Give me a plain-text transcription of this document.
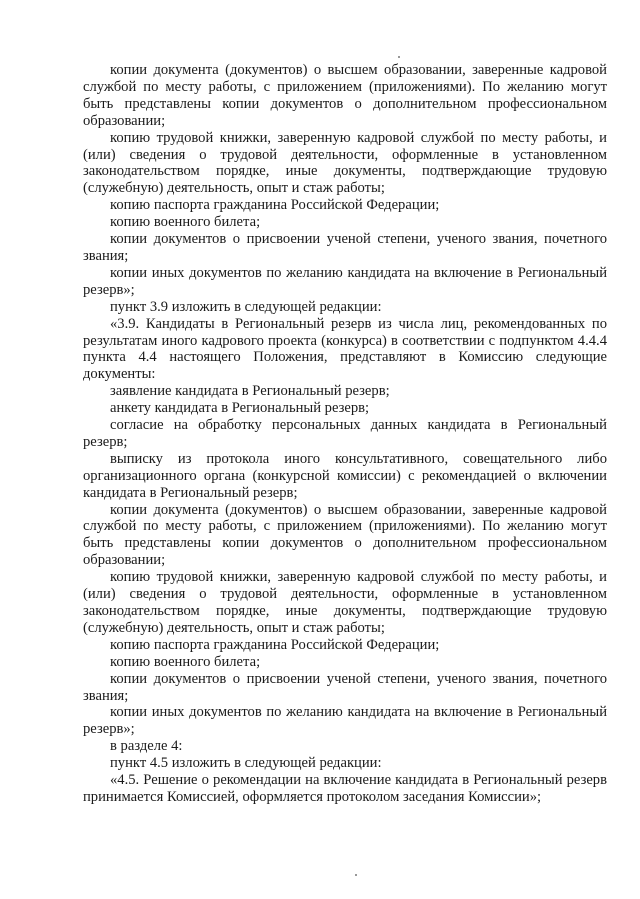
копии документа (документов) о высшем образовании, заверенные кадровой службой по месту работы, с приложением (приложениями). По желанию могут быть представлены копии документов о дополнительном профессиональном образовании;

копию трудовой книжки, заверенную кадровой службой по месту работы, и (или) сведения о трудовой деятельности, оформленные в установленном законодательством порядке, иные документы, подтверждающие трудовую (служебную) деятельность, опыт и стаж работы;

копию паспорта гражданина Российской Федерации;

копию военного билета;

копии документов о присвоении ученой степени, ученого звания, почетного звания;

копии иных документов по желанию кандидата на включение в Региональный резерв»;

пункт 3.9 изложить в следующей редакции:

«3.9. Кандидаты в Региональный резерв из числа лиц, рекомендованных по результатам иного кадрового проекта (конкурса) в соответствии с подпунктом 4.4.4 пункта 4.4 настоящего Положения, представляют в Комиссию следующие документы:

заявление кандидата в Региональный резерв;

анкету кандидата в Региональный резерв;

согласие на обработку персональных данных кандидата в Региональный резерв;

выписку из протокола иного консультативного, совещательного либо организационного органа (конкурсной комиссии) с рекомендацией о включении кандидата в Региональный резерв;

копии документа (документов) о высшем образовании, заверенные кадровой службой по месту работы, с приложением (приложениями). По желанию могут быть представлены копии документов о дополнительном профессиональном образовании;

копию трудовой книжки, заверенную кадровой службой по месту работы, и (или) сведения о трудовой деятельности, оформленные в установленном законодательством порядке, иные документы, подтверждающие трудовую (служебную) деятельность, опыт и стаж работы;

копию паспорта гражданина Российской Федерации;

копию военного билета;

копии документов о присвоении ученой степени, ученого звания, почетного звания;

копии иных документов по желанию кандидата на включение в Региональный резерв»;

в разделе 4:

пункт 4.5 изложить в следующей редакции:

«4.5. Решение о рекомендации на включение кандидата в Региональный резерв принимается Комиссией, оформляется протоколом заседания Комиссии»;
